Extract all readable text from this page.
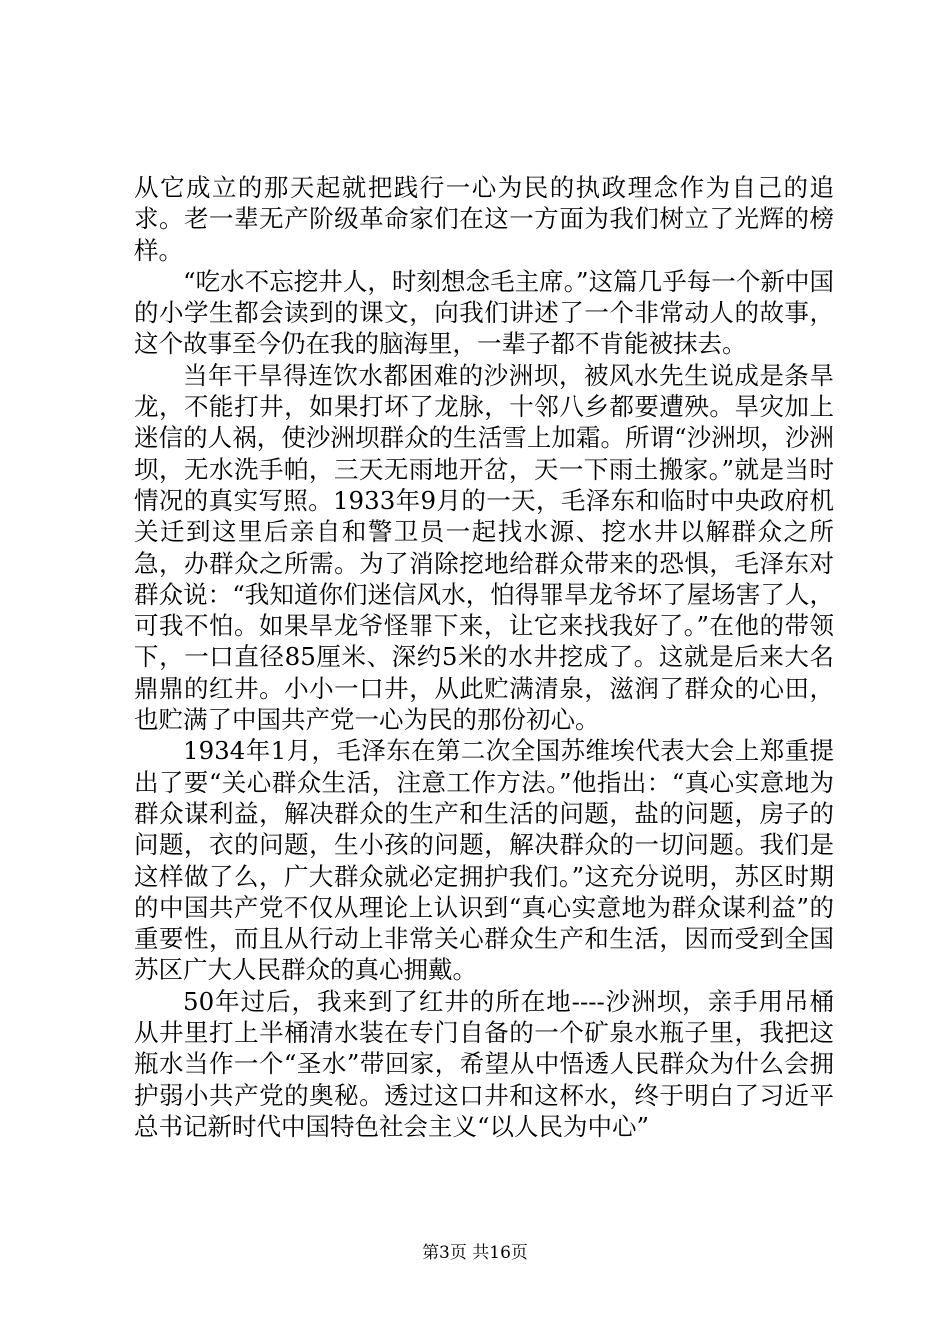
从它成立的那天起就把践行一心为民的执政理念作为自己的追求。老一辈无产阶级革命家们在这一方面为我们树立了光辉的榜样。

“吃水不忘挖井人，时刻想念毛主席。”这篇几乎每一个新中国的小学生都会读到的课文，向我们讲述了一个非常动人的故事，这个故事至今仍在我的脑海里，一辈子都不肯能被抹去。

当年干旱得连饮水都困难的沙洲坝，被风水先生说成是条旱龙，不能打井，如果打坏了龙脉，十邻八乡都要遭殃。旱灾加上迷信的人祸，使沙洲坝群众的生活雪上加霜。所谓“沙洲坝，沙洲坝，无水洗手帕，三天无雨地开岔，天一下雨土搬家。”就是当时情况的真实写照。1933年9月的一天，毛泽东和临时中央政府机关迁到这里后亲自和警卫员一起找水源、挖水井以解群众之所急，办群众之所需。为了消除挖地给群众带来的恐惧，毛泽东对群众说：“我知道你们迷信风水，怕得罪旱龙爷坏了屋场害了人，可我不怕。如果旱龙爷怪罪下来，让它来找我好了。”在他的带领下，一口直径85厘米、深约5米的水井挖成了。这就是后来大名鼎鼎的红井。小小一口井，从此贮满清泉，滋润了群众的心田，也贮满了中国共产党一心为民的那份初心。

1934年1月，毛泽东在第二次全国苏维埃代表大会上郑重提出了要“关心群众生活，注意工作方法。”他指出：“真心实意地为群众谋利益，解决群众的生产和生活的问题，盐的问题，房子的问题，衣的问题，生小孩的问题，解决群众的一切问题。我们是这样做了么，广大群众就必定拥护我们。”这充分说明，苏区时期的中国共产党不仅从理论上认识到“真心实意地为群众谋利益”的重要性，而且从行动上非常关心群众生产和生活，因而受到全国苏区广大人民群众的真心拥戴。

50年过后，我来到了红井的所在地----沙洲坝，亲手用吊桶从井里打上半桶清水装在专门自备的一个矿泉水瓶子里，我把这瓶水当作一个“圣水”带回家，希望从中悟透人民群众为什么会拥护弱小共产党的奥秘。透过这口井和这杯水，终于明白了习近平总书记新时代中国特色社会主义“以人民为中心”

第3页 共16页
